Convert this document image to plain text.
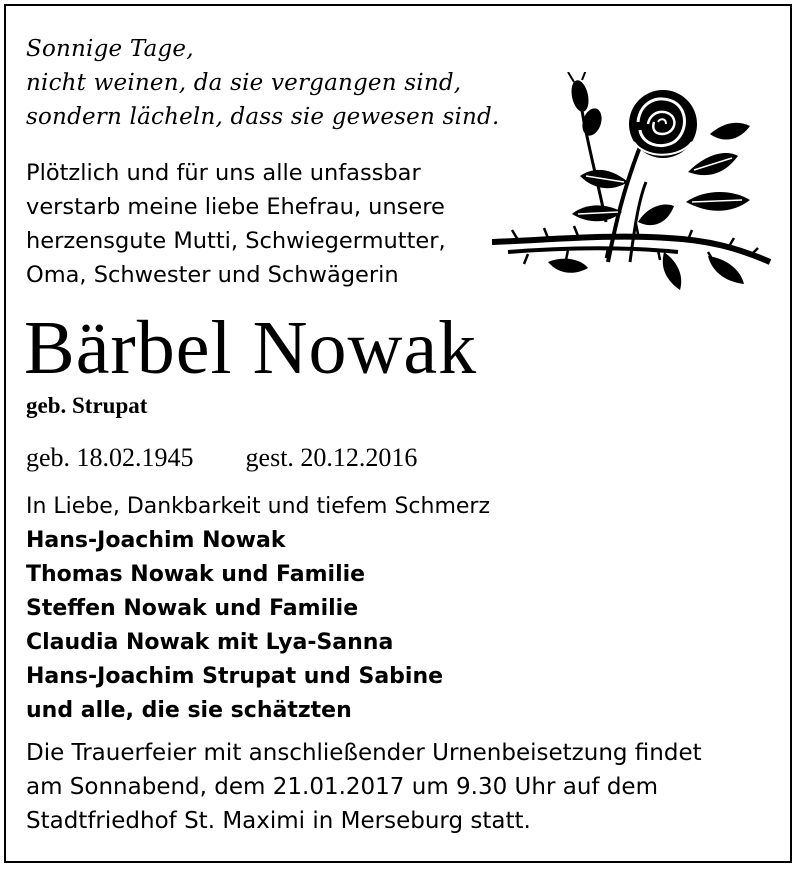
Sonnige Tage,
nicht weinen, da sie vergangen sind,
sondern lächeln, dass sie gewesen sind.
Plötzlich und für uns alle unfassbar
verstarb meine liebe Ehefrau, unsere
herzensgute Mutti, Schwiegermutter,
Oma, Schwester und Schwägerin
Bärbel Nowak
geb. Strupat
geb. 18.02.1945 gest. 20.12.2016
In Liebe, Dankbarkeit und tiefem Schmerz
Hans-Joachim Nowak
Thomas Nowak und Familie
Steffen Nowak und Familie
Claudia Nowak mit Lya-Sanna
Hans-Joachim Strupat und Sabine
und alle, die sie schätzten
Die Trauerfeier mit anschließender Urnenbeisetzung findet
am Sonnabend, dem 21.01.2017 um 9.30 Uhr auf dem
Stadtfriedhof St. Maximi in Merseburg statt.
